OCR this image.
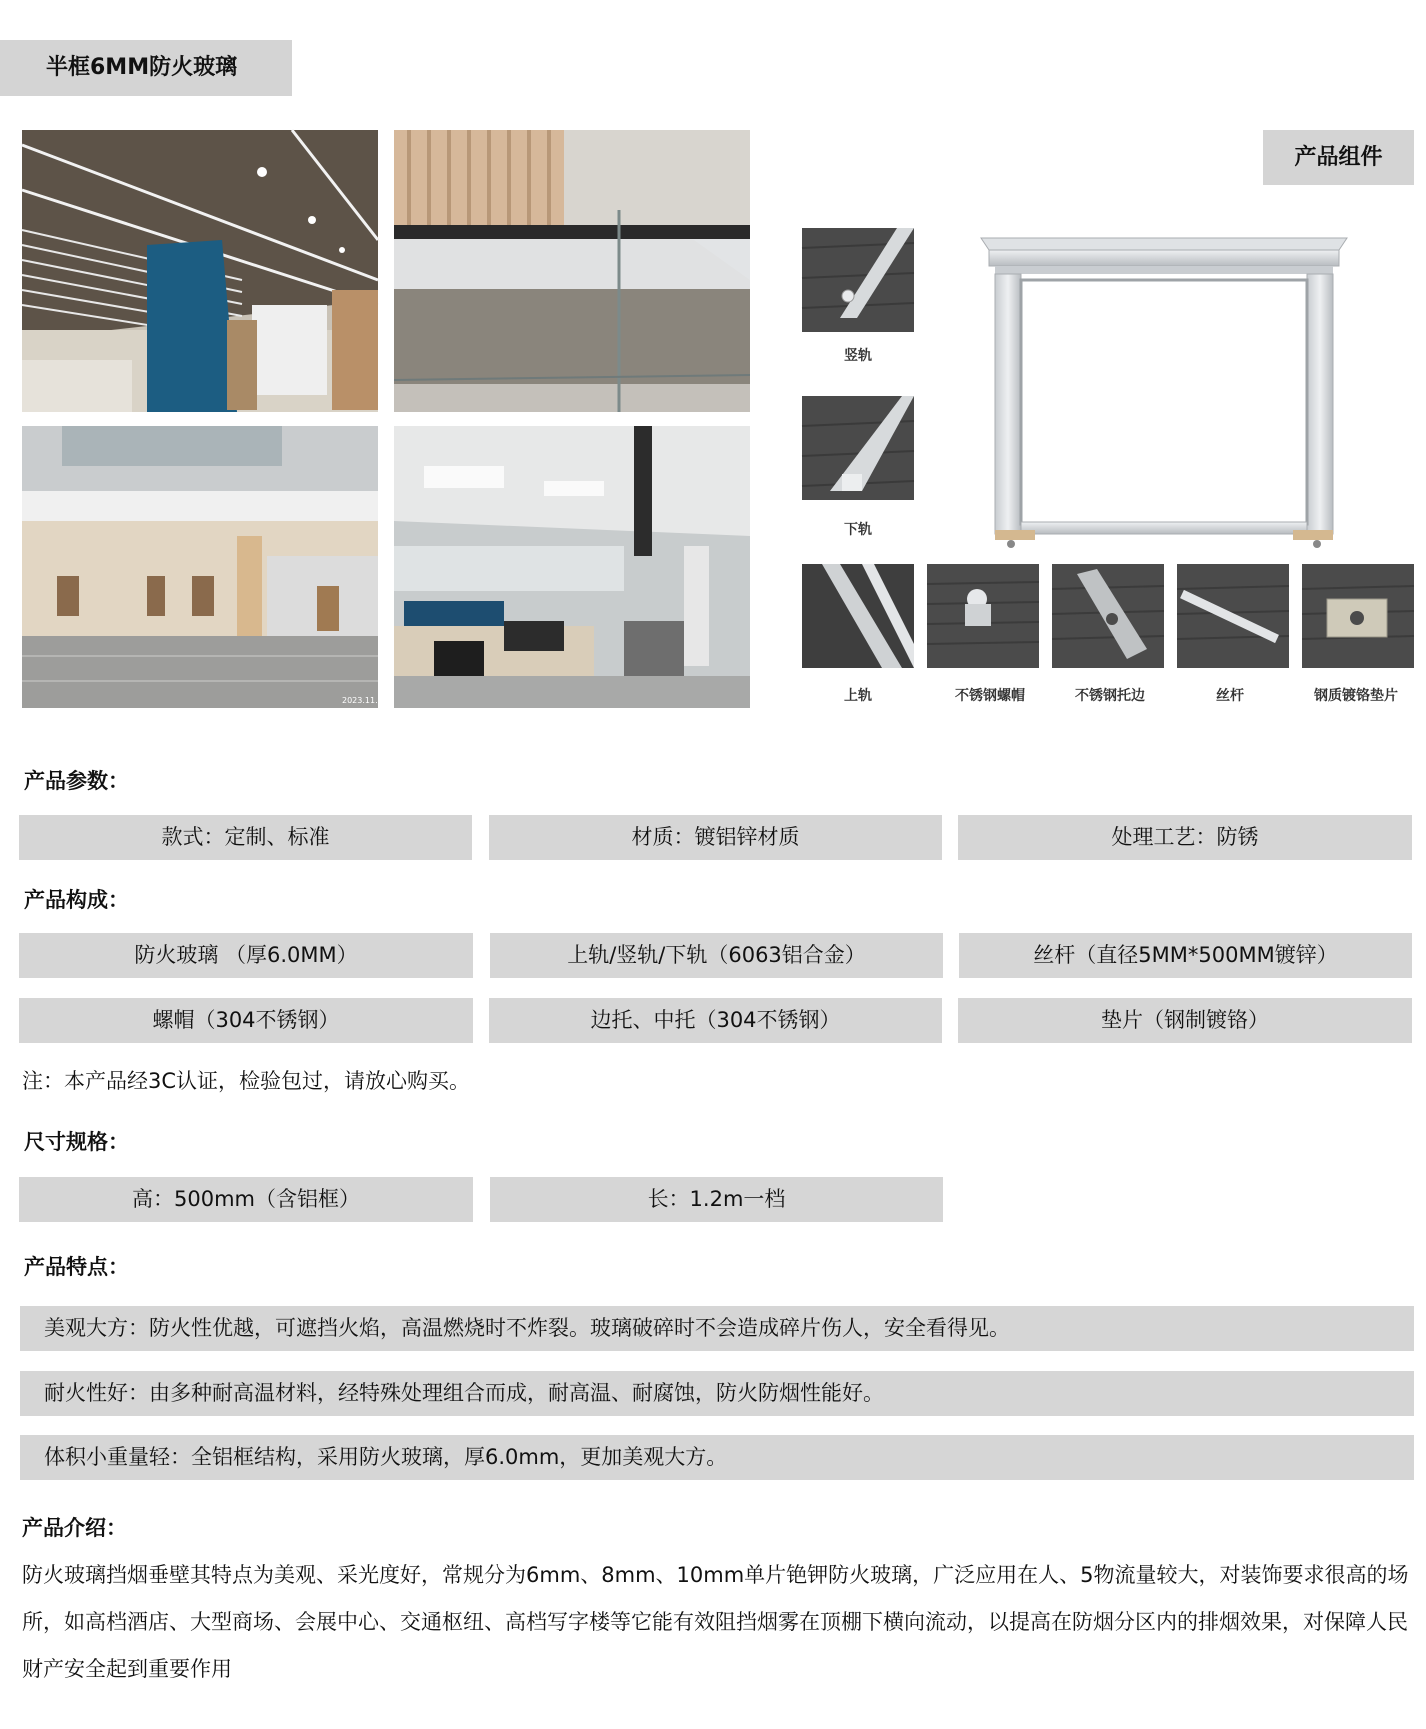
半框6MM防火玻璃
2023.11.1
产品组件
竖轨
下轨
上轨	不锈钢螺帽	不锈钢托边	丝杆	钢质镀铬垫片
产品参数：
款式：定制、标准	材质：镀铝锌材质	处理工艺：防锈
产品构成：
防火玻璃 （厚6.0MM）	上轨/竖轨/下轨（6063铝合金）	丝杆（直径5MM*500MM镀锌）
螺帽（304不锈钢）	边托、中托（304不锈钢）	垫片（钢制镀铬）
注：本产品经3C认证，检验包过，请放心购买。
尺寸规格：
高：500mm（含铝框）	长：1.2m一档
产品特点：
美观大方：防火性优越，可遮挡火焰，高温燃烧时不炸裂。玻璃破碎时不会造成碎片伤人，安全看得见。
耐火性好：由多种耐高温材料，经特殊处理组合而成，耐高温、耐腐蚀，防火防烟性能好。
体积小重量轻：全铝框结构，采用防火玻璃，厚6.0mm，更加美观大方。
产品介绍：
防火玻璃挡烟垂壁其特点为美观、采光度好，常规分为6mm、8mm、10mm单片铯钾防火玻璃，广泛应用在人、5物流量较大，对装饰要求很高的场所，如高档酒店、大型商场、会展中心、交通枢纽、高档写字楼等它能有效阻挡烟雾在顶棚下横向流动，以提高在防烟分区内的排烟效果，对保障人民财产安全起到重要作用
